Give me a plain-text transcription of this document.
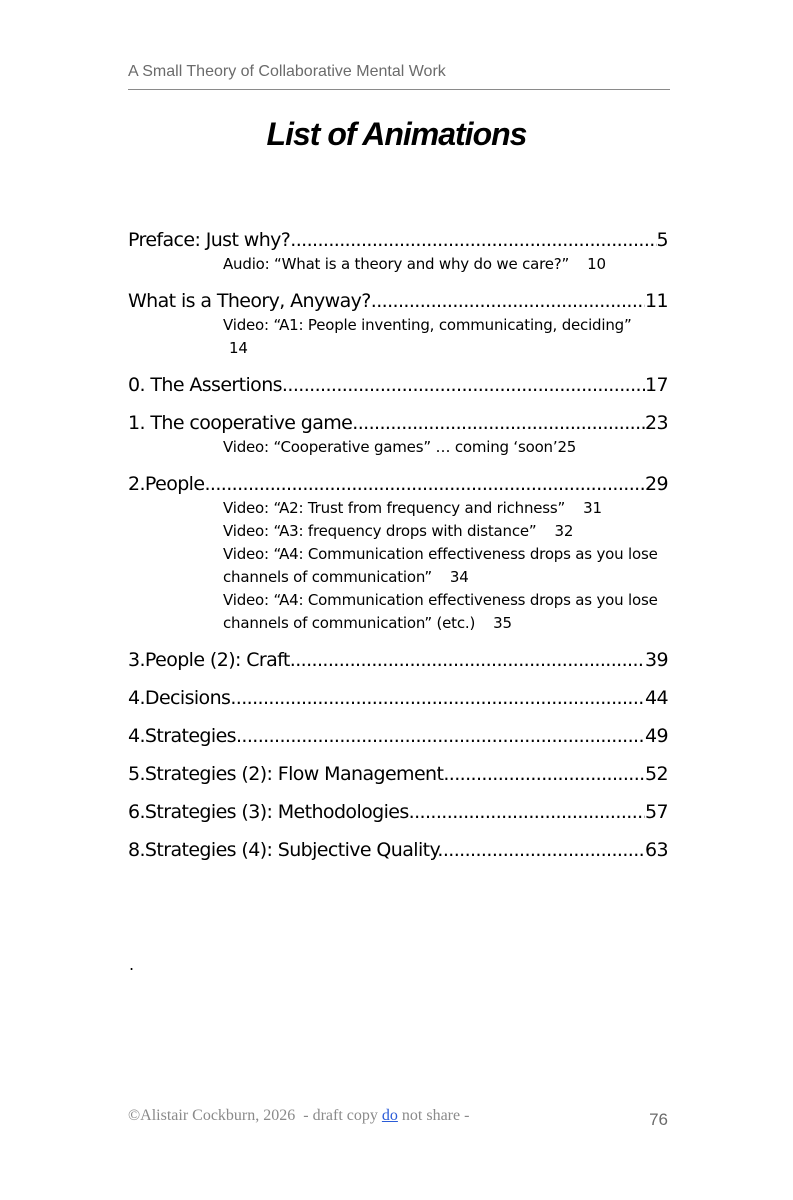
A Small Theory of Collaborative Mental Work
List of Animations
Preface: Just why? .....	5
Audio: “What is a theory and why do we care?” 10
What is a Theory, Anyway? .....	11
Video: “A1: People inventing, communicating, deciding”
14
0. The Assertions. .....	17
1. The cooperative game .....	23
Video: “Cooperative games” … coming ‘soon’25
2.People. .....	29
Video: “A2: Trust from frequency and richness” 31
Video: “A3: frequency drops with distance” 32
Video: “A4: Communication effectiveness drops as you lose channels of communication” 34
Video: “A4: Communication effectiveness drops as you lose channels of communication” (etc.) 35
3.People (2): Craft. .....	39
4.Decisions .....	44
4.Strategies. .....	49
5.Strategies (2): Flow Management .....	52
6.Strategies (3): Methodologies .....	57
8.Strategies (4): Subjective Quality. .....	63
.
©Alistair Cockburn, 2026  - draft copy do not share -	76
